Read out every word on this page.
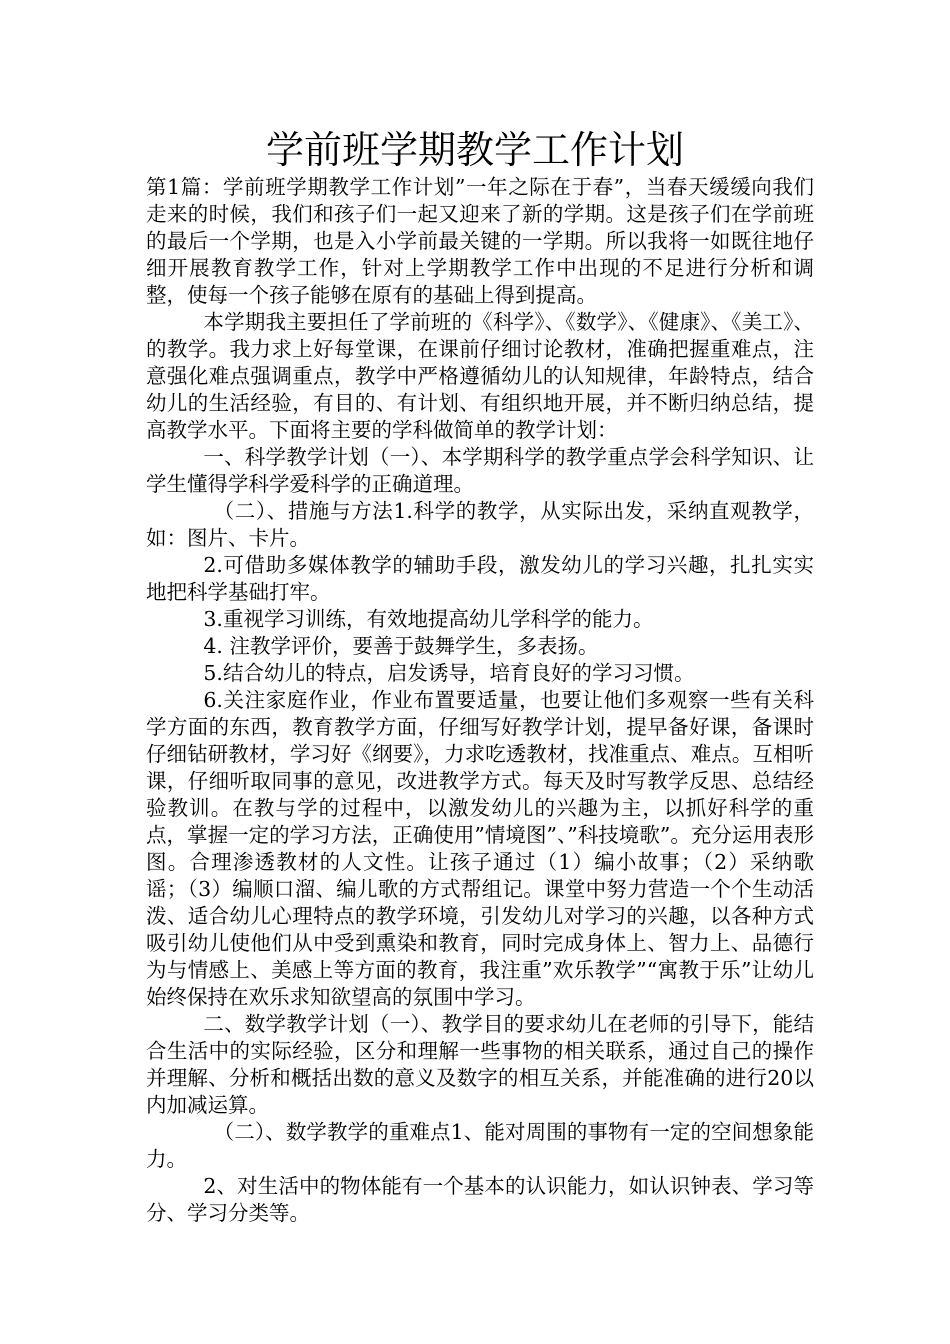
学前班学期教学工作计划

第1篇：学前班学期教学工作计划”一年之际在于春”，当春天缓缓向我们走来的时候，我们和孩子们一起又迎来了新的学期。这是孩子们在学前班的最后一个学期，也是入小学前最关键的一学期。所以我将一如既往地仔细开展教育教学工作，针对上学期教学工作中出现的不足进行分析和调整，使每一个孩子能够在原有的基础上得到提高。

本学期我主要担任了学前班的《科学》、《数学》、《健康》、《美工》、的教学。我力求上好每堂课，在课前仔细讨论教材，准确把握重难点，注意强化难点强调重点，教学中严格遵循幼儿的认知规律，年龄特点，结合幼儿的生活经验，有目的、有计划、有组织地开展，并不断归纳总结，提高教学水平。下面将主要的学科做简单的教学计划：

一、科学教学计划（一）、本学期科学的教学重点学会科学知识、让学生懂得学科学爱科学的正确道理。

（二）、措施与方法1.科学的教学，从实际出发，采纳直观教学，如：图片、卡片。

2.可借助多媒体教学的辅助手段，激发幼儿的学习兴趣，扎扎实实地把科学基础打牢。

3.重视学习训练，有效地提高幼儿学科学的能力。

4. 注教学评价，要善于鼓舞学生，多表扬。

5.结合幼儿的特点，启发诱导，培育良好的学习习惯。

6.关注家庭作业，作业布置要适量，也要让他们多观察一些有关科学方面的东西，教育教学方面，仔细写好教学计划，提早备好课，备课时仔细钻研教材，学习好《纲要》，力求吃透教材，找准重点、难点。互相听课，仔细听取同事的意见，改进教学方式。每天及时写教学反思、总结经验教训。在教与学的过程中，以激发幼儿的兴趣为主，以抓好科学的重点，掌握一定的学习方法，正确使用”情境图”、”科技境歌”。充分运用表形图。合理渗透教材的人文性。让孩子通过（1）编小故事；（2）采纳歌谣；（3）编顺口溜、编儿歌的方式帮组记。课堂中努力营造一个个生动活泼、适合幼儿心理特点的教学环境，引发幼儿对学习的兴趣，以各种方式吸引幼儿使他们从中受到熏染和教育，同时完成身体上、智力上、品德行为与情感上、美感上等方面的教育，我注重”欢乐教学”“寓教于乐”让幼儿始终保持在欢乐求知欲望高的氛围中学习。

二、数学教学计划（一）、教学目的要求幼儿在老师的引导下，能结合生活中的实际经验，区分和理解一些事物的相关联系，通过自己的操作并理解、分析和概括出数的意义及数字的相互关系，并能准确的进行20以内加减运算。

（二）、数学教学的重难点1、能对周围的事物有一定的空间想象能力。

2、对生活中的物体能有一个基本的认识能力，如认识钟表、学习等分、学习分类等。
